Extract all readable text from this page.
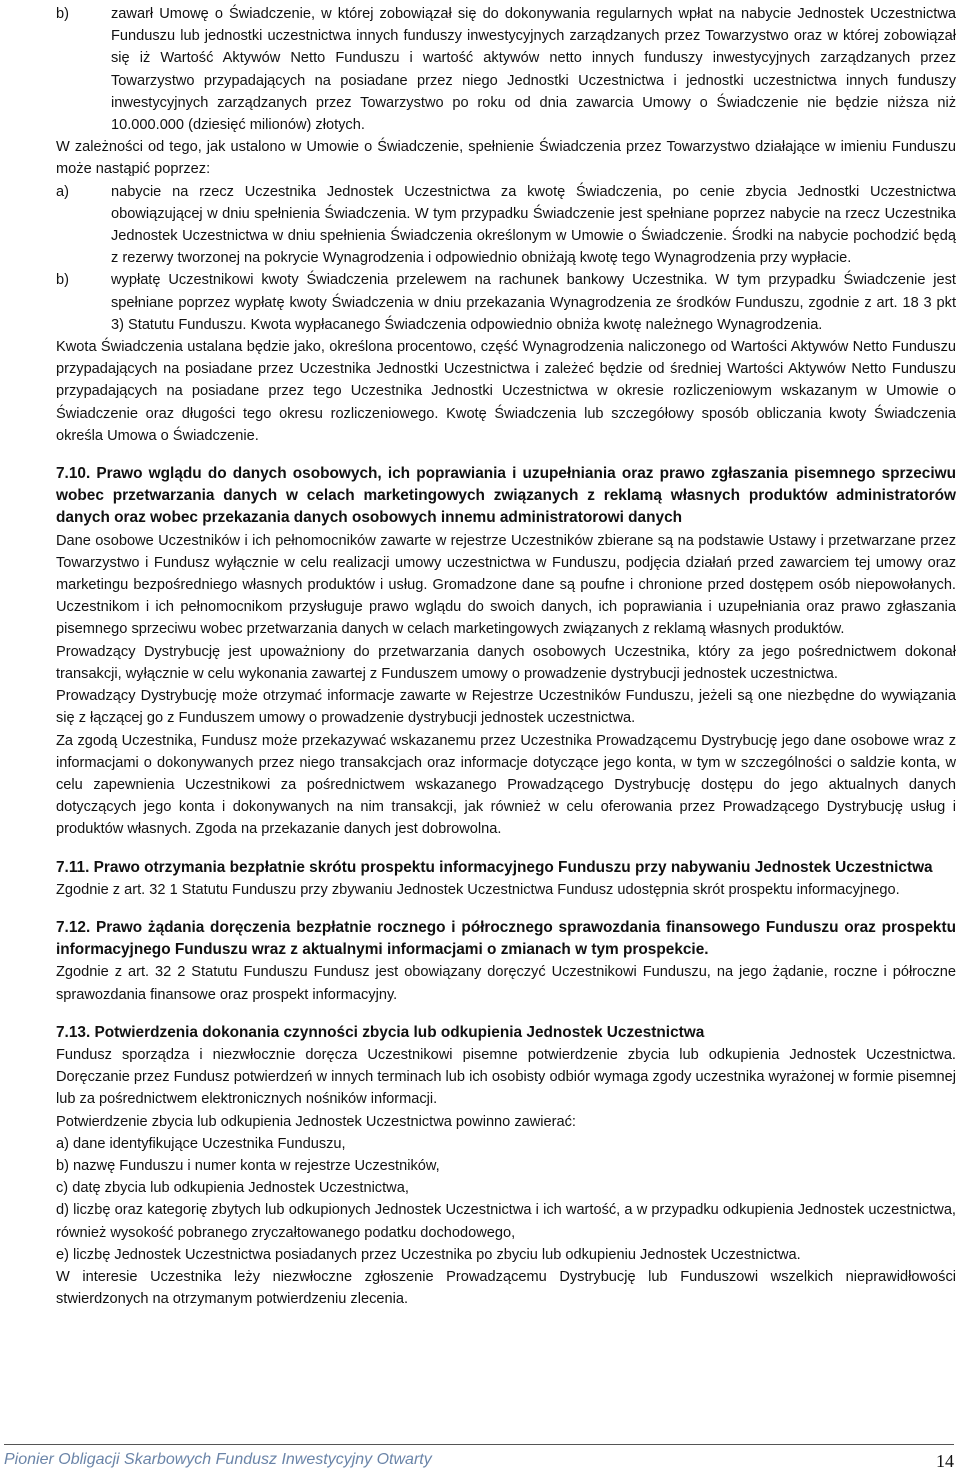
b)	zawarł Umowę o Świadczenie, w której zobowiązał się do dokonywania regularnych wpłat na nabycie Jednostek Uczestnictwa Funduszu lub jednostki uczestnictwa innych funduszy inwestycyjnych zarządzanych przez Towarzystwo oraz w której zobowiązał się iż Wartość Aktywów Netto Funduszu i wartość aktywów netto innych funduszy inwestycyjnych zarządzanych przez Towarzystwo przypadających na posiadane przez niego Jednostki Uczestnictwa i jednostki uczestnictwa innych funduszy inwestycyjnych zarządzanych przez Towarzystwo po roku od dnia zawarcia Umowy o Świadczenie nie będzie niższa niż 10.000.000 (dziesięć milionów) złotych.

W zależności od tego, jak ustalono w Umowie o Świadczenie, spełnienie Świadczenia przez Towarzystwo działające w imieniu Funduszu może nastąpić poprzez:

a)	nabycie na rzecz Uczestnika Jednostek Uczestnictwa za kwotę Świadczenia, po cenie zbycia Jednostki Uczestnictwa obowiązującej w dniu spełnienia Świadczenia. W tym przypadku Świadczenie jest spełniane poprzez nabycie na rzecz Uczestnika Jednostek Uczestnictwa w dniu spełnienia Świadczenia określonym w Umowie o Świadczenie. Środki na nabycie pochodzić będą z rezerwy tworzonej na pokrycie Wynagrodzenia i odpowiednio obniżają kwotę tego Wynagrodzenia przy wypłacie.

b)	wypłatę Uczestnikowi kwoty Świadczenia przelewem na rachunek bankowy Uczestnika. W tym przypadku Świadczenie jest spełniane poprzez wypłatę kwoty Świadczenia w dniu przekazania Wynagrodzenia ze środków Funduszu, zgodnie z art. 18 3 pkt 3) Statutu Funduszu. Kwota wypłacanego Świadczenia odpowiednio obniża kwotę należnego Wynagrodzenia.

Kwota Świadczenia ustalana będzie jako, określona procentowo, część Wynagrodzenia naliczonego od Wartości Aktywów Netto Funduszu przypadających na posiadane przez Uczestnika Jednostki Uczestnictwa i zależeć będzie od średniej Wartości Aktywów Netto Funduszu przypadających na posiadane przez tego Uczestnika Jednostki Uczestnictwa w okresie rozliczeniowym wskazanym w Umowie o Świadczenie oraz długości tego okresu rozliczeniowego. Kwotę Świadczenia lub szczegółowy sposób obliczania kwoty Świadczenia określa Umowa o Świadczenie.

7.10. Prawo wglądu do danych osobowych, ich poprawiania i uzupełniania oraz prawo zgłaszania pisemnego sprzeciwu wobec przetwarzania danych w celach marketingowych związanych z reklamą własnych produktów administratorów danych oraz wobec przekazania danych osobowych innemu administratorowi danych

Dane osobowe Uczestników i ich pełnomocników zawarte w rejestrze Uczestników zbierane są na podstawie Ustawy i przetwarzane przez Towarzystwo i Fundusz wyłącznie w celu realizacji umowy uczestnictwa w Funduszu, podjęcia działań przed zawarciem tej umowy oraz marketingu bezpośredniego własnych produktów i usług. Gromadzone dane są poufne i chronione przed dostępem osób niepowołanych. Uczestnikom i ich pełnomocnikom przysługuje prawo wglądu do swoich danych, ich poprawiania i uzupełniania oraz prawo zgłaszania pisemnego sprzeciwu wobec przetwarzania danych w celach marketingowych związanych z reklamą własnych produktów.

Prowadzący Dystrybucję jest upoważniony do przetwarzania danych osobowych Uczestnika, który za jego pośrednictwem dokonał transakcji, wyłącznie w celu wykonania zawartej z Funduszem umowy o prowadzenie dystrybucji jednostek uczestnictwa.

Prowadzący Dystrybucję może otrzymać informacje zawarte w Rejestrze Uczestników Funduszu, jeżeli są one niezbędne do wywiązania się z łączącej go z Funduszem umowy o prowadzenie dystrybucji jednostek uczestnictwa.

Za zgodą Uczestnika, Fundusz może przekazywać wskazanemu przez Uczestnika Prowadzącemu Dystrybucję jego dane osobowe wraz z informacjami o dokonywanych przez niego transakcjach oraz informacje dotyczące jego konta, w tym w szczególności o saldzie konta, w celu zapewnienia Uczestnikowi za pośrednictwem wskazanego Prowadzącego Dystrybucję dostępu do jego aktualnych danych dotyczących jego konta i dokonywanych na nim transakcji, jak również w celu oferowania przez Prowadzącego Dystrybucję usług i produktów własnych. Zgoda na przekazanie danych jest dobrowolna.

7.11. Prawo otrzymania bezpłatnie skrótu prospektu informacyjnego Funduszu przy nabywaniu Jednostek Uczestnictwa

Zgodnie z art. 32 1 Statutu Funduszu przy zbywaniu Jednostek Uczestnictwa Fundusz udostępnia skrót prospektu informacyjnego.

7.12. Prawo żądania doręczenia bezpłatnie rocznego i półrocznego sprawozdania finansowego Funduszu oraz prospektu informacyjnego Funduszu wraz z aktualnymi informacjami o zmianach w tym prospekcie.

Zgodnie z art. 32 2 Statutu Funduszu Fundusz jest obowiązany doręczyć Uczestnikowi Funduszu, na jego żądanie, roczne i półroczne sprawozdania finansowe oraz prospekt informacyjny.

7.13. Potwierdzenia dokonania czynności zbycia lub odkupienia Jednostek Uczestnictwa

Fundusz sporządza i niezwłocznie doręcza Uczestnikowi pisemne potwierdzenie zbycia lub odkupienia Jednostek Uczestnictwa. Doręczanie przez Fundusz potwierdzeń w innych terminach lub ich osobisty odbiór wymaga zgody uczestnika wyrażonej w formie pisemnej lub za pośrednictwem elektronicznych nośników informacji.

Potwierdzenie zbycia lub odkupienia Jednostek Uczestnictwa powinno zawierać:

a) dane identyfikujące Uczestnika Funduszu,

b) nazwę Funduszu i numer konta w rejestrze Uczestników,

c) datę zbycia lub odkupienia Jednostek Uczestnictwa,

d) liczbę oraz kategorię zbytych lub odkupionych Jednostek Uczestnictwa i ich wartość, a w przypadku odkupienia Jednostek uczestnictwa, również wysokość pobranego zryczałtowanego podatku dochodowego,

e) liczbę Jednostek Uczestnictwa posiadanych przez Uczestnika po zbyciu lub odkupieniu Jednostek Uczestnictwa.

W interesie Uczestnika leży niezwłoczne zgłoszenie Prowadzącemu Dystrybucję lub Funduszowi wszelkich nieprawidłowości stwierdzonych na otrzymanym potwierdzeniu zlecenia.

Pionier Obligacji Skarbowych Fundusz Inwestycyjny Otwarty	14
